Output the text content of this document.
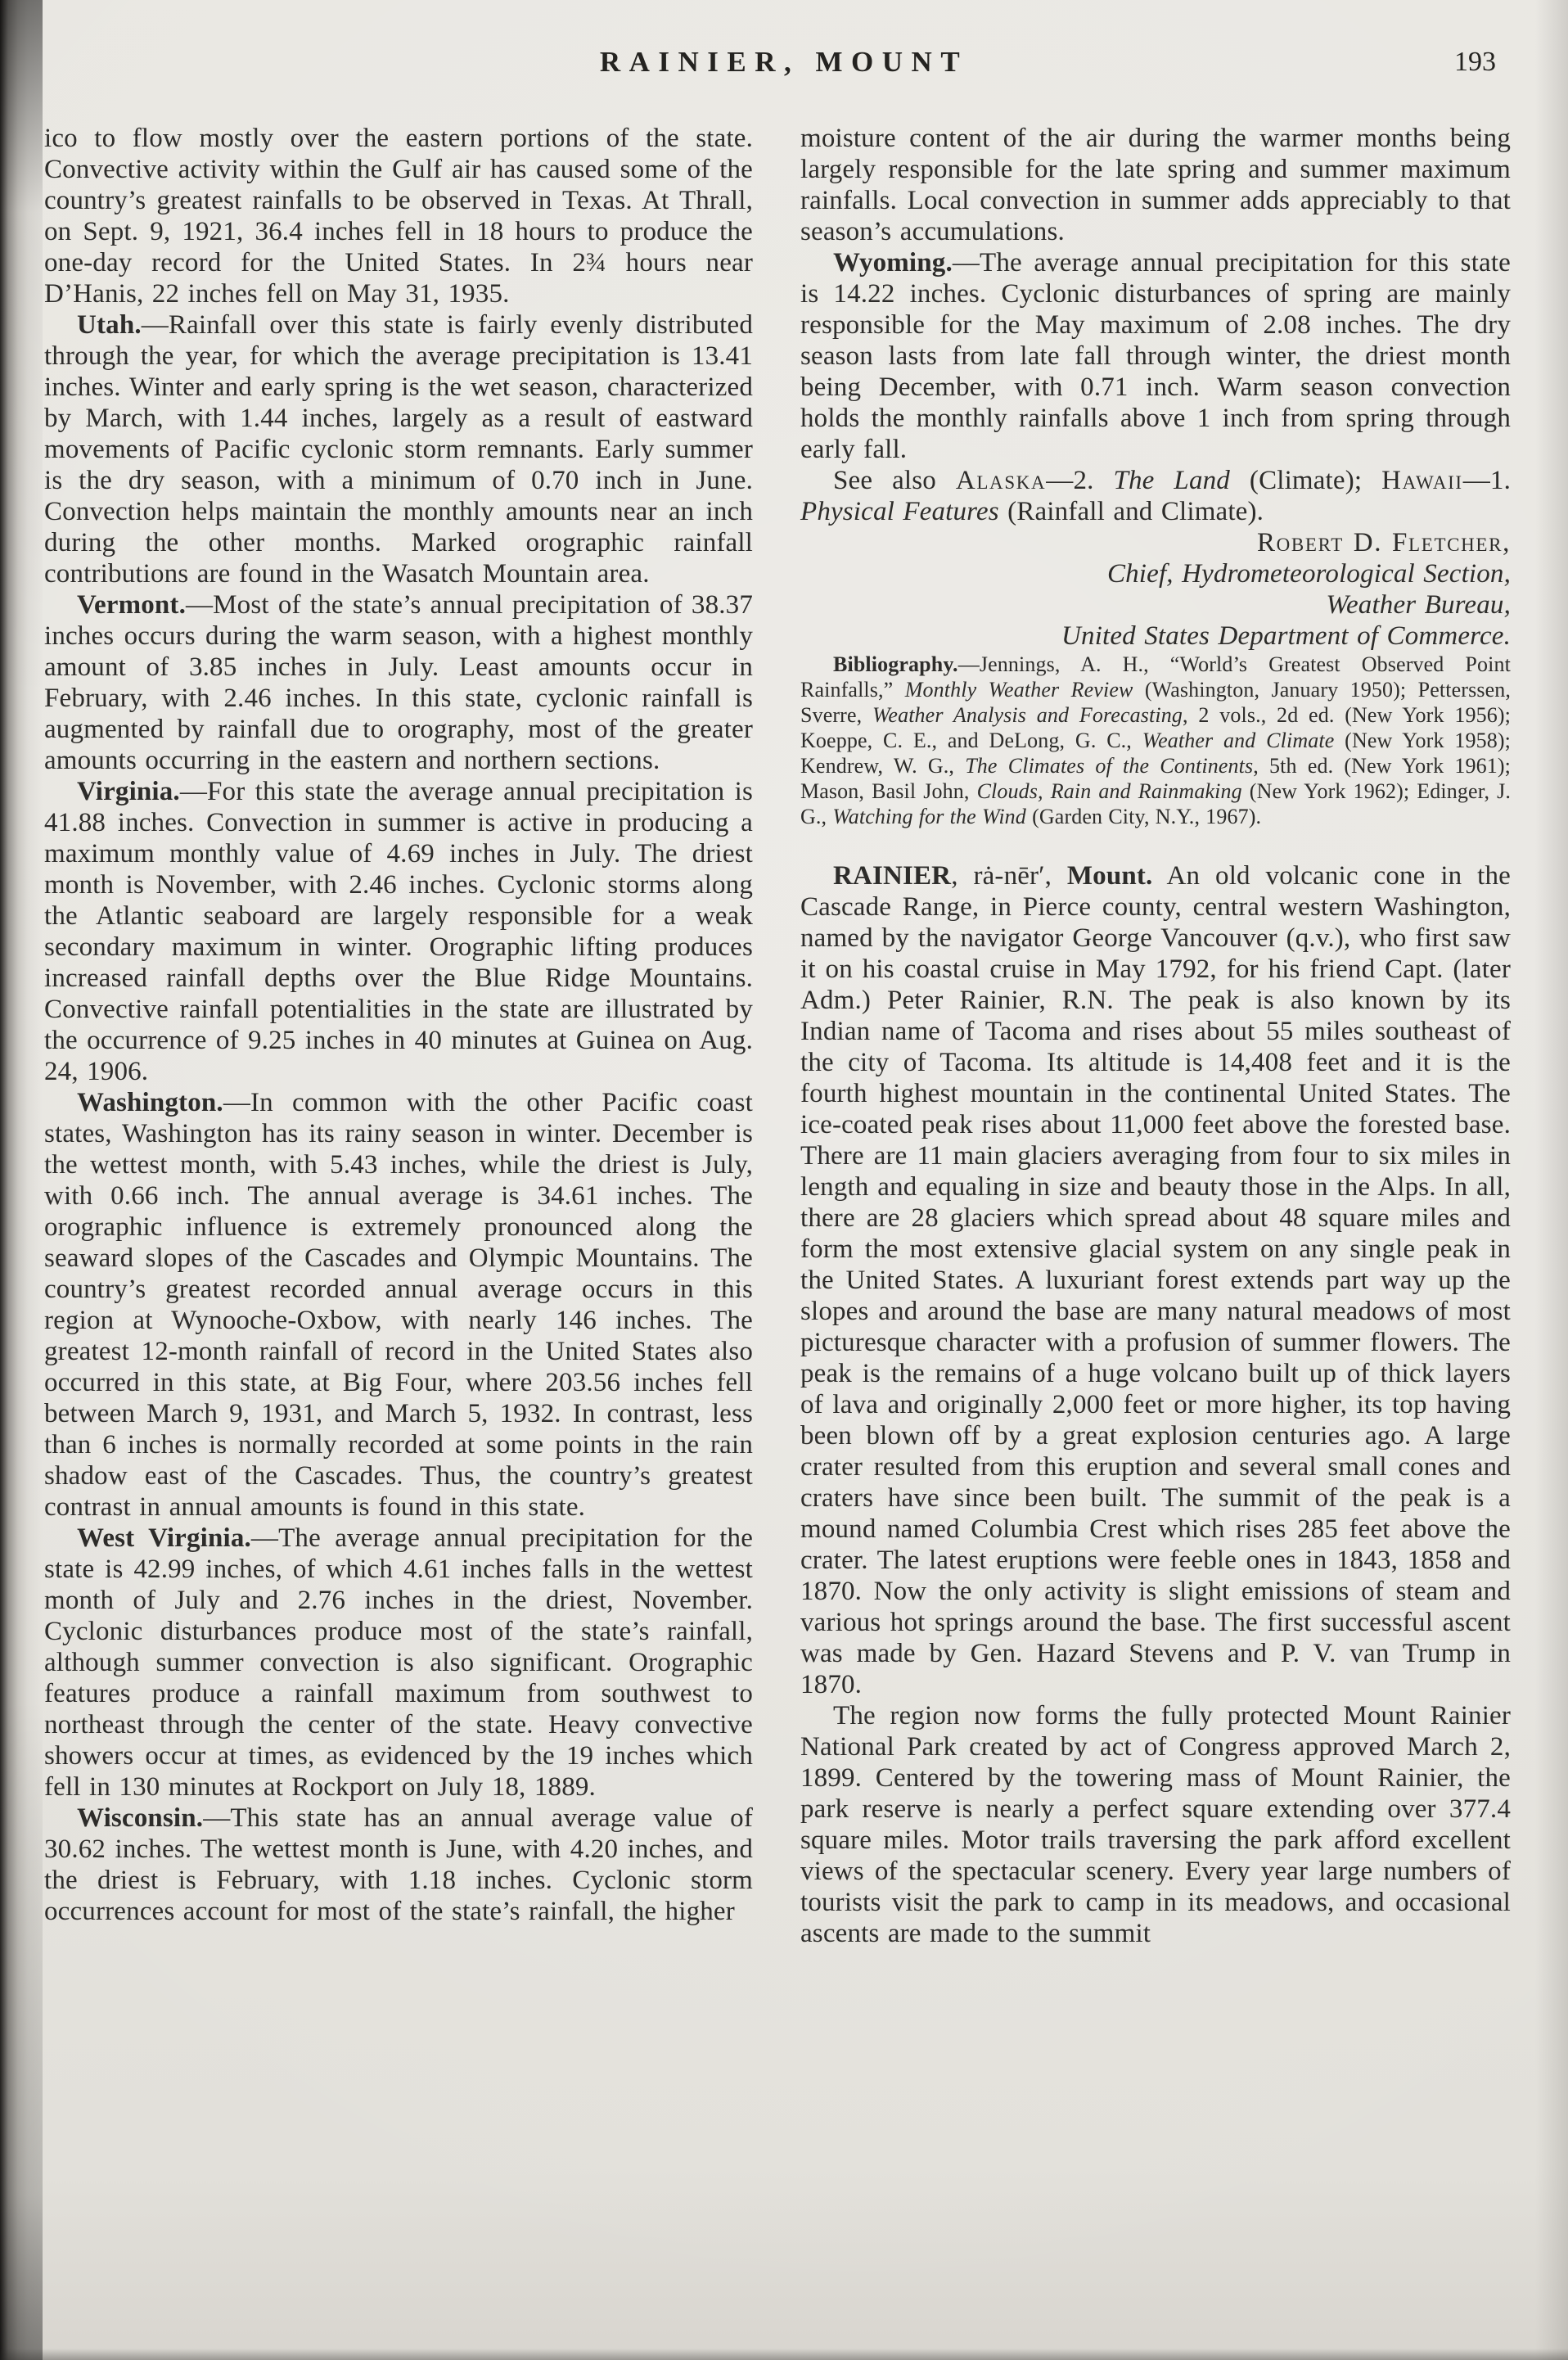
RAINIER, MOUNT	193

ico to flow mostly over the eastern portions of the state. Convective activity within the Gulf air has caused some of the country’s greatest rainfalls to be observed in Texas. At Thrall, on Sept. 9, 1921, 36.4 inches fell in 18 hours to produce the one-day record for the United States. In 2¾ hours near D’Hanis, 22 inches fell on May 31, 1935.

Utah.—Rainfall over this state is fairly evenly distributed through the year, for which the average precipitation is 13.41 inches. Winter and early spring is the wet season, characterized by March, with 1.44 inches, largely as a result of eastward movements of Pacific cyclonic storm remnants. Early summer is the dry season, with a minimum of 0.70 inch in June. Convection helps maintain the monthly amounts near an inch during the other months. Marked orographic rainfall contributions are found in the Wasatch Mountain area.

Vermont.—Most of the state’s annual precipitation of 38.37 inches occurs during the warm season, with a highest monthly amount of 3.85 inches in July. Least amounts occur in February, with 2.46 inches. In this state, cyclonic rainfall is augmented by rainfall due to orography, most of the greater amounts occurring in the eastern and northern sections.

Virginia.—For this state the average annual precipitation is 41.88 inches. Convection in summer is active in producing a maximum monthly value of 4.69 inches in July. The driest month is November, with 2.46 inches. Cyclonic storms along the Atlantic seaboard are largely responsible for a weak secondary maximum in winter. Orographic lifting produces increased rainfall depths over the Blue Ridge Mountains. Convective rainfall potentialities in the state are illustrated by the occurrence of 9.25 inches in 40 minutes at Guinea on Aug. 24, 1906.

Washington.—In common with the other Pacific coast states, Washington has its rainy season in winter. December is the wettest month, with 5.43 inches, while the driest is July, with 0.66 inch. The annual average is 34.61 inches. The orographic influence is extremely pronounced along the seaward slopes of the Cascades and Olympic Mountains. The country’s greatest recorded annual average occurs in this region at Wynooche-Oxbow, with nearly 146 inches. The greatest 12-month rainfall of record in the United States also occurred in this state, at Big Four, where 203.56 inches fell between March 9, 1931, and March 5, 1932. In contrast, less than 6 inches is normally recorded at some points in the rain shadow east of the Cascades. Thus, the country’s greatest contrast in annual amounts is found in this state.

West Virginia.—The average annual precipitation for the state is 42.99 inches, of which 4.61 inches falls in the wettest month of July and 2.76 inches in the driest, November. Cyclonic disturbances produce most of the state’s rainfall, although summer convection is also significant. Orographic features produce a rainfall maximum from southwest to northeast through the center of the state. Heavy convective showers occur at times, as evidenced by the 19 inches which fell in 130 minutes at Rockport on July 18, 1889.

Wisconsin.—This state has an annual average value of 30.62 inches. The wettest month is June, with 4.20 inches, and the driest is February, with 1.18 inches. Cyclonic storm occurrences account for most of the state’s rainfall, the higher

moisture content of the air during the warmer months being largely responsible for the late spring and summer maximum rainfalls. Local convection in summer adds appreciably to that season’s accumulations.

Wyoming.—The average annual precipitation for this state is 14.22 inches. Cyclonic disturbances of spring are mainly responsible for the May maximum of 2.08 inches. The dry season lasts from late fall through winter, the driest month being December, with 0.71 inch. Warm season convection holds the monthly rainfalls above 1 inch from spring through early fall.

See also Alaska—2. The Land (Climate); Hawaii—1. Physical Features (Rainfall and Climate).

Robert D. Fletcher,

Chief, Hydrometeorological Section,

Weather Bureau,

United States Department of Commerce.

Bibliography.—Jennings, A. H., “World’s Greatest Observed Point Rainfalls,” Monthly Weather Review (Washington, January 1950); Petterssen, Sverre, Weather Analysis and Forecasting, 2 vols., 2d ed. (New York 1956); Koeppe, C. E., and DeLong, G. C., Weather and Climate (New York 1958); Kendrew, W. G., The Climates of the Continents, 5th ed. (New York 1961); Mason, Basil John, Clouds, Rain and Rainmaking (New York 1962); Edinger, J. G., Watching for the Wind (Garden City, N.Y., 1967).

RAINIER, rȧ-nēr′, Mount. An old volcanic cone in the Cascade Range, in Pierce county, central western Washington, named by the navigator George Vancouver (q.v.), who first saw it on his coastal cruise in May 1792, for his friend Capt. (later Adm.) Peter Rainier, R.N. The peak is also known by its Indian name of Tacoma and rises about 55 miles southeast of the city of Tacoma. Its altitude is 14,408 feet and it is the fourth highest mountain in the continental United States. The ice-coated peak rises about 11,000 feet above the forested base. There are 11 main glaciers averaging from four to six miles in length and equaling in size and beauty those in the Alps. In all, there are 28 glaciers which spread about 48 square miles and form the most extensive glacial system on any single peak in the United States. A luxuriant forest extends part way up the slopes and around the base are many natural meadows of most picturesque character with a profusion of summer flowers. The peak is the remains of a huge volcano built up of thick layers of lava and originally 2,000 feet or more higher, its top having been blown off by a great explosion centuries ago. A large crater resulted from this eruption and several small cones and craters have since been built. The summit of the peak is a mound named Columbia Crest which rises 285 feet above the crater. The latest eruptions were feeble ones in 1843, 1858 and 1870. Now the only activity is slight emissions of steam and various hot springs around the base. The first successful ascent was made by Gen. Hazard Stevens and P. V. van Trump in 1870.

The region now forms the fully protected Mount Rainier National Park created by act of Congress approved March 2, 1899. Centered by the towering mass of Mount Rainier, the park reserve is nearly a perfect square extending over 377.4 square miles. Motor trails traversing the park afford excellent views of the spectacular scenery. Every year large numbers of tourists visit the park to camp in its meadows, and occasional ascents are made to the summit
